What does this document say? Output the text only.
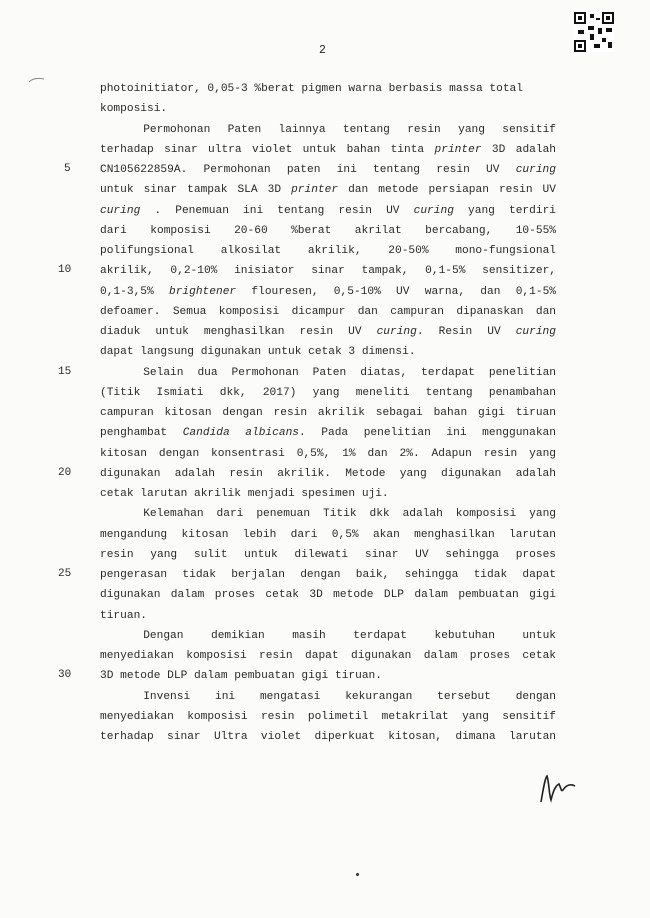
2
photoinitiator, 0,05-3 %berat pigmen warna berbasis massa total
komposisi.
Permohonan Paten lainnya tentang resin yang sensitif
terhadap sinar ultra violet untuk bahan tinta printer 3D adalah
CN105622859A. Permohonan paten ini tentang resin UV curing
untuk sinar tampak SLA 3D printer dan metode persiapan resin UV
curing . Penemuan ini tentang resin UV curing yang terdiri
dari komposisi 20-60 %berat akrilat bercabang, 10-55%
polifungsional alkosilat akrilik, 20-50% mono-fungsional
akrilik, 0,2-10% inisiator sinar tampak, 0,1-5% sensitizer,
0,1-3,5% brightener flouresen, 0,5-10% UV warna, dan 0,1-5%
defoamer. Semua komposisi dicampur dan campuran dipanaskan dan
diaduk untuk menghasilkan resin UV curing. Resin UV curing
dapat langsung digunakan untuk cetak 3 dimensi.
Selain dua Permohonan Paten diatas, terdapat penelitian
(Titik Ismiati dkk, 2017) yang meneliti tentang penambahan
campuran kitosan dengan resin akrilik sebagai bahan gigi tiruan
penghambat Candida albicans. Pada penelitian ini menggunakan
kitosan dengan konsentrasi 0,5%, 1% dan 2%. Adapun resin yang
digunakan adalah resin akrilik. Metode yang digunakan adalah
cetak larutan akrilik menjadi spesimen uji.
Kelemahan dari penemuan Titik dkk adalah komposisi yang
mengandung kitosan lebih dari 0,5% akan menghasilkan larutan
resin yang sulit untuk dilewati sinar UV sehingga proses
pengerasan tidak berjalan dengan baik, sehingga tidak dapat
digunakan dalam proses cetak 3D metode DLP dalam pembuatan gigi
tiruan.
Dengan demikian masih terdapat kebutuhan untuk
menyediakan komposisi resin dapat digunakan dalam proses cetak
3D metode DLP dalam pembuatan gigi tiruan.
Invensi ini mengatasi kekurangan tersebut dengan
menyediakan komposisi resin polimetil metakrilat yang sensitif
terhadap sinar Ultra violet diperkuat kitosan, dimana larutan
5
10
15
20
25
30
